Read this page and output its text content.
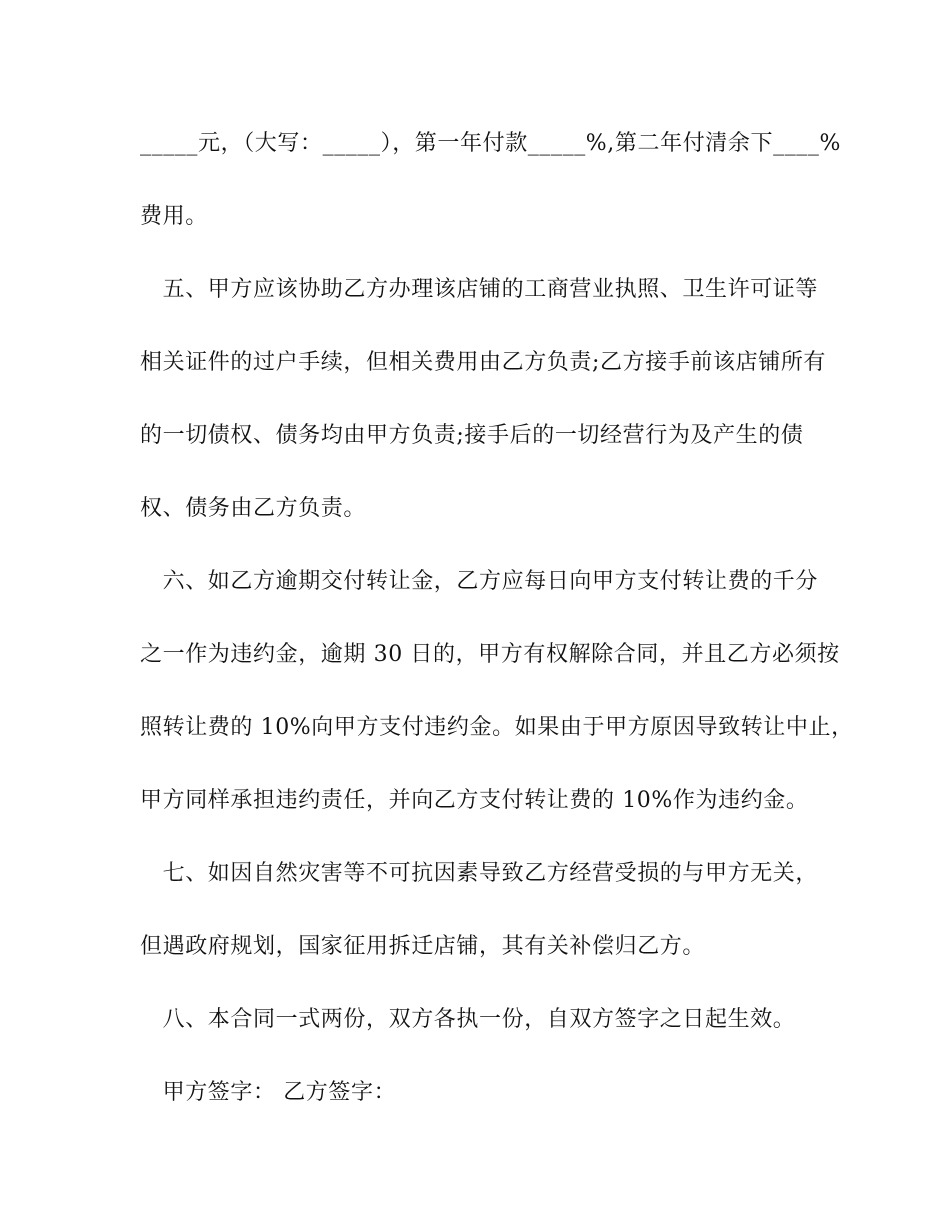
_____元，（大写：_____），第一年付款_____%,第二年付清余下____%
费用。
　五、甲方应该协助乙方办理该店铺的工商营业执照、卫生许可证等
相关证件的过户手续，但相关费用由乙方负责;乙方接手前该店铺所有
的一切债权、债务均由甲方负责;接手后的一切经营行为及产生的债
权、债务由乙方负责。
　六、如乙方逾期交付转让金，乙方应每日向甲方支付转让费的千分
之一作为违约金，逾期 30 日的，甲方有权解除合同，并且乙方必须按
照转让费的 10%向甲方支付违约金。如果由于甲方原因导致转让中止，
甲方同样承担违约责任，并向乙方支付转让费的 10%作为违约金。
　七、如因自然灾害等不可抗因素导致乙方经营受损的与甲方无关，
但遇政府规划，国家征用拆迁店铺，其有关补偿归乙方。
　八、本合同一式两份，双方各执一份，自双方签字之日起生效。
　甲方签字： 乙方签字：
